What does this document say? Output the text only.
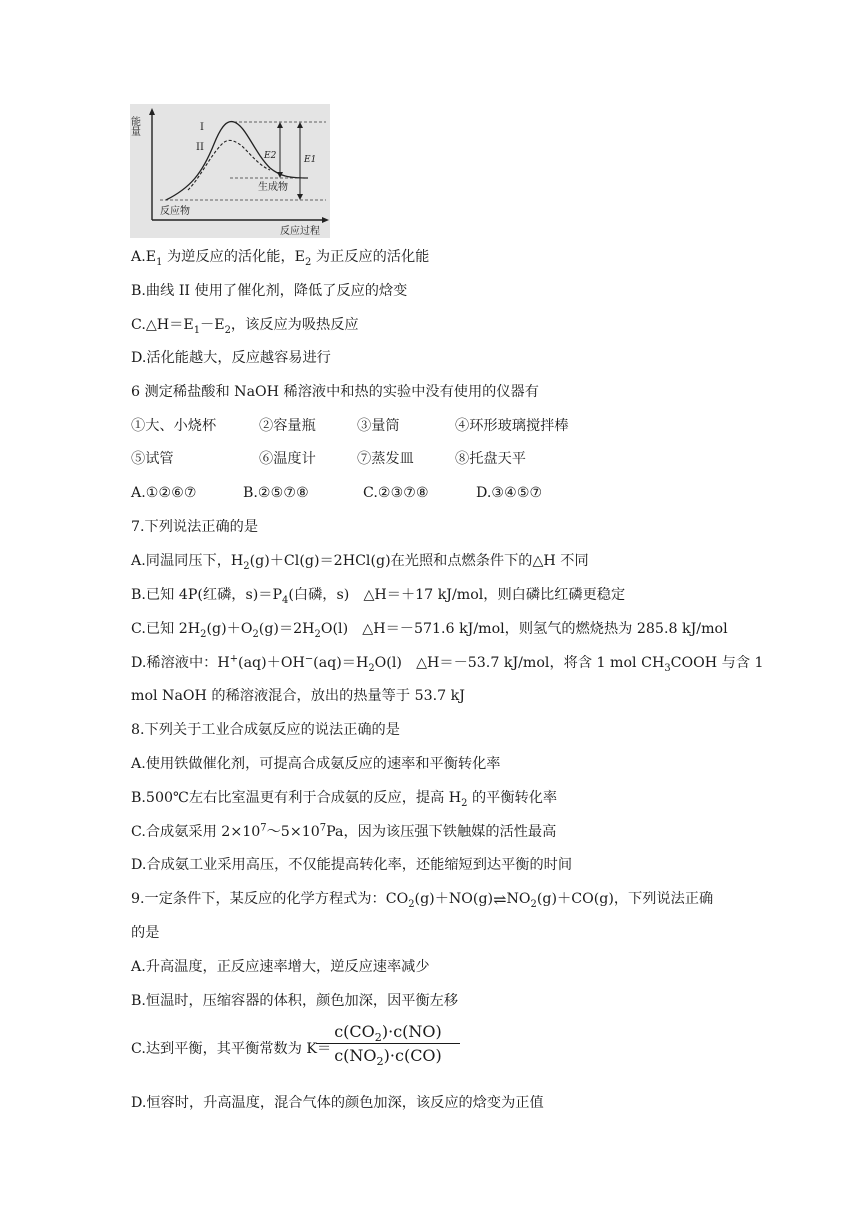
能量
反应过程
I
II
E2	E1
生成物
反应物
$A.E_1$ 为逆反应的活化能，$E_2$ 为正反应的活化能
B.曲线 II 使用了催化剂，降低了反应的焓变
$C.\triangle H=E_1-E_2$，该反应为吸热反应
D.活化能越大，反应越容易进行
6 测定稀盐酸和 NaOH 稀溶液中和热的实验中没有使用的仪器有
①大、小烧杯	②容量瓶	③量筒	④环形玻璃搅拌棒
⑤试管	⑥温度计	⑦蒸发皿	⑧托盘天平
A.①②⑥⑦	B.②⑤⑦⑧	C.②③⑦⑧	D.③④⑤⑦
7.下列说法正确的是
A.同温同压下，$H_2(g)+Cl(g)=2HCl(g)$在光照和点燃条件下的△H 不同
B.已知 4P(红磷，$s)=P_4$(白磷，s)　△H＝＋17 kJ/mol，则白磷比红磷更稳定
C.已知 $2H_2(g)+O_2(g)=2H_2O(l)$　△H＝－571.6 kJ/mol，则氢气的燃烧热为 285.8 kJ/mol
D.稀溶液中：$H^+(aq)+OH^-(aq)=H_2O(l)$　△H＝－53.7 kJ/mol，将含 1 mol $CH_3COOH$ 与含 1
mol NaOH 的稀溶液混合，放出的热量等于 53.7 kJ
8.下列关于工业合成氨反应的说法正确的是
A.使用铁做催化剂，可提高合成氨反应的速率和平衡转化率
B.500℃左右比室温更有利于合成氨的反应，提高 $H_2$ 的平衡转化率
C.合成氨采用 $2\times 10^7\sim 5\times 10^7Pa$，因为该压强下铁触媒的活性最高
D.合成氨工业采用高压，不仅能提高转化率，还能缩短到达平衡的时间
9.一定条件下，某反应的化学方程式为：$CO_2(g)+NO(g)\rightleftharpoons NO_2(g)+CO(g)$，下列说法正确
的是
A.升高温度，正反应速率增大，逆反应速率减少
B.恒温时，压缩容器的体积，颜色加深，因平衡左移
C.达到平衡，其平衡常数为 K＝
$c(CO_2)\cdot c(NO)$
$c(NO_2)\cdot c(CO)$
D.恒容时，升高温度，混合气体的颜色加深，该反应的焓变为正值
